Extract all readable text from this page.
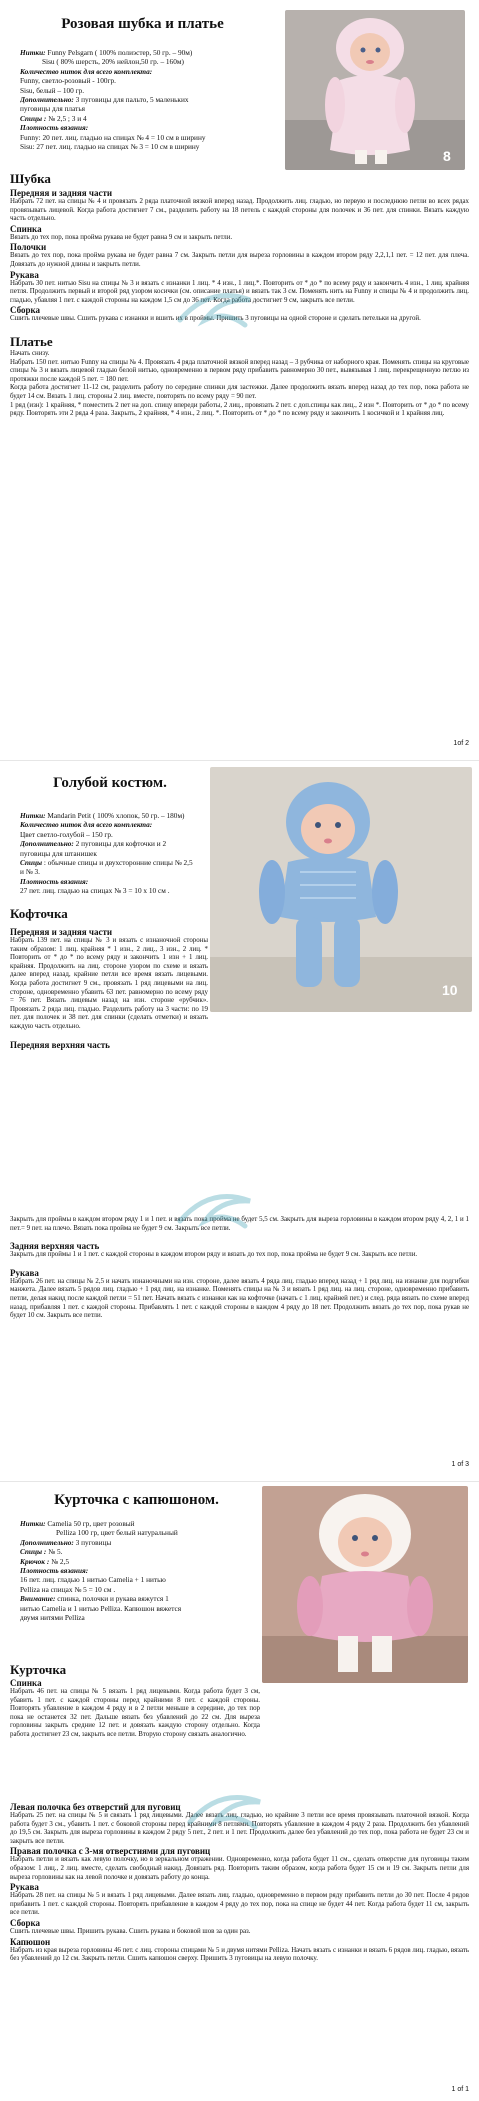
Розовая шубка и платье
Нитки: Funny Pelsgarn ( 100% полиэстер, 50 гр. – 90м)
Sisu ( 80% шерсть, 20% нейлон,50 гр. – 160м)
Количество ниток для всего комплекта:
Funny, светло-розовый - 100гр.
Sisu, белый – 100 гр.
Дополнительно: 3 пуговицы для пальто, 5 маленьких
пуговицы для платья
Спицы : № 2,5 ; 3 и 4
Плотность вязания:
Funny: 20 пет. лиц. гладью на спицах № 4 = 10 см в ширину
Sisu: 27 пет. лиц. гладью на спицах № 3 = 10 см в ширину
8
Шубка
Передняя и задняя части

Набрать 72 пет. на спицы № 4 и провязать 2 ряда платочной вязкой вперед назад. Продолжить лиц. гладью, но первую и последнюю петли во всех рядах провязывать лицевой. Когда работа достигнет 7 см., разделить работу на 18 петель с каждой стороны для полочек и 36 пет. для спинки. Вязать каждую часть отдельно.

Спинка

Вязать до тех пор, пока пройма рукава не будет равна 9 см и закрыть петли.

Полочки

Вязать до тех пор, пока пройма рукава не будет равна 7 см. Закрыть петли для выреза горловины в каждом втором ряду 2,2,1,1 пет. = 12 пет. для плеча. Довязать до нужной длины и закрыть петли.

Рукава

Набрать 30 пет. нитью Sisu на спицы № 3 и вязать с изнанки 1 лиц. * 4 изн., 1 лиц.*. Повторить от * до * по всему ряду и закончить 4 изн., 1 лиц. крайняя петля. Продолжить первый и второй ряд узором косички (см. описание платья) и вязать так 3 см. Поменять нить на Funny и спицы № 4 и продолжить лиц. гладью, убавляя 1 пет. с каждой стороны на каждом 1,5 см до 36 пет. Когда работа достигнет 9 см, закрыть все петли.

Сборка

Сшить плечевые швы. Сшить рукава с изнанки и вшить их в проймы. Пришить 3 пуговицы на одной стороне и сделать петельки на другой.

Платье

Начать снизу.

Набрать 150 пет. нитью Funny на спицы № 4. Провязать 4 ряда платочной вязкой вперед назад – 3 рубчика от наборного края. Поменять спицы на круговые спицы № 3 и вязать лицевой гладью белой нитью, одновременно в первом ряду прибавить равномерно 30 пет., вывязывая 1 лиц. перекрещенную петлю из протяжки после каждой 5 пет. = 180 пет.

Когда работа достигнет 11-12 см, разделить работу по середине спинки для застежки. Далее продолжить вязать вперед назад до тех пор, пока работа не будет 14 см. Вязать 1 лиц. стороны 2 лиц. вместе, повторять по всему ряду = 90 пет.

1 ряд (изн): 1 крайняя, * поместить 2 пет на доп. спицу впереди работы, 2 лиц., провязать 2 пет. с доп.спицы как лиц., 2 изн *. Повторить от * до * по всему ряду. Повторять эти 2 ряда 4 раза. Закрыть, 2 крайняя, * 4 изн., 2 лиц. *. Повторить от * до * по всему ряду и закончить 1 косичкой и 1 крайняя лиц.

1of 2
Голубой костюм.
Нитки: Mandarin Petit ( 100% хлопок, 50 гр. – 180м)
Количество ниток для всего комплекта:
Цвет светло-голубой – 150 гр.
Дополнительно: 2 пуговицы для кофточки и 2
пуговицы для штанишек
Спицы : обычные спицы и двухсторонние спицы № 2,5
и № 3.
Плотность вязания:
27 пет. лиц. гладью на спицах № 3 = 10 х 10 см .
10
Кофточка
Передняя и задняя части

Набрать 139 пет. на спицы № 3 и вязать с изнаночной стороны таким образом: 1 лиц. крайняя * 1 изн., 2 лиц., 3 изн., 2 лиц. * Повторить от * до * по всему ряду и закончить 1 изн + 1 лиц. крайняя. Продолжить на лиц. стороне узором по схеме и вязать далее вперед назад, крайние петли все время вязать лицевыми. Когда работа достигнет 9 см., провязать 1 ряд лицевыми на лиц. стороне, одновременно убавить 63 пет. равномерно по всему ряду = 76 пет. Вязать лицевым назад на изн. стороне «рубчик». Провязать 2 ряда лиц. гладью. Разделить работу на 3 части: по 19 пет. для полочек и 38 пет. для спинки (сделать отметки) и вязать каждую часть отдельно.

Передняя верхняя часть

Закрыть для проймы в каждом втором ряду 1 и 1 пет. и вязать пока пройма не будет 5,5 см. Закрыть для выреза горловины в каждом втором ряду 4, 2, 1 и 1 пет.= 9 пет. на плечо. Вязать пока пройма не будет 9 см. Закрыть все петли.

Задняя верхняя часть

Закрыть для проймы 1 и 1 пет. с каждой стороны в каждом втором ряду и вязать до тех пор, пока пройма не будет 9 см. Закрыть все петли.

Рукава

Набрать 26 пет. на спицы № 2,5 и начать изнаночными на изн. стороне, далее вязать 4 ряда лиц. гладью вперед назад + 1 ряд лиц. на изнанке для подгибки манжета. Далее вязать 5 рядов лиц. гладью + 1 ряд лиц. на изнанке. Поменять спицы на № 3 и вязать 1 ряд лиц. на лиц. стороне, одновременно прибавить петли, делая накид после каждой петли = 51 пет. Начать вязать с изнанки как на кофточке (начать с 1 лиц. крайней пет.) и след. ряда вязать по схеме вперед назад, прибавляя 1 пет. с каждой стороны. Прибавлять 1 пет. с каждой стороны в каждом 4 ряду до 18 пет. Продолжить вязать до тех пор, пока рукав не будет 10 см. Закрыть все петли.

1 of 3
Курточка с капюшоном.
Нитки: Camelia 50 гр, цвет розовый
Pelliza 100 гр, цвет белый натуральный
Дополнительно: 3 пуговицы
Спицы : № 5.
Крючок : № 2,5
Плотность вязания:
16 пет. лиц. гладью 1 нитью Camelia + 1 нитью
Pelliza на спицах № 5 = 10 см .
Внимание: спинка, полочки и рукава вяжутся 1
нитью Camelia и 1 нитью Pelliza. Капюшон вяжется
двумя нитями Pelliza
Курточка
Спинка

Набрать 46 пет. на спицы № 5 вязать 1 ряд лицевыми. Когда работа будет 3 см, убавить 1 пет. с каждой стороны перед крайними 8 пет. с каждой стороны. Повторять убавление в каждом 4 ряду и в 2 петли меньше в середине, до тех пор пока не останется 32 пет. Дальше вязать без убавлений до 22 см. Для выреза горловины закрыть средние 12 пет. и довязать каждую сторону отдельно. Когда работа достигнет 23 см, закрыть все петли. Вторую сторону связать аналогично.

Левая полочка без отверстий для пуговиц

Набрать 25 пет. на спицы № 5 и связать 1 ряд лицевыми. Далее вязать лиц. гладью, но крайние 3 петли все время провязывать платочной вязкой. Когда работа будет 3 см., убавить 1 пет. с боковой стороны перед крайними 8 петлями. Повторять убавление в каждом 4 ряду 2 раза. Продолжить без убавлений до 19,5 см. Закрыть для выреза горловины в каждом 2 ряду 5 пет., 2 пет. и 1 пет. Продолжить далее без убавлений до тех пор, пока работа не будет 23 см и закрыть все петли.

Правая полочка с 3-мя отверстиями для пуговиц

Набрать петли и вязать как левую полочку, но в зеркальном отражении. Одновременно, когда работа будет 11 см., сделать отверстие для пуговицы таким образом: 1 лиц., 2 лиц. вместе, сделать свободный накид. Довязать ряд. Повторить таким образом, когда работа будет 15 см и 19 см. Закрыть петли для выреза горловины как на левой полочке и довязать работу до конца.

Рукава

Набрать 28 пет. на спицы № 5 и вязать 1 ряд лицевыми. Далее вязать лиц. гладью, одновременно в первом ряду прибавить петли до 30 пет. После 4 рядов прибавить 1 пет. с каждой стороны. Повторять прибавление в каждом 4 ряду до тех пор, пока на спице не будет 44 пет. Когда работа будет 11 см, закрыть все петли.

Сборка

Сшить плечевые швы. Пришить рукава. Сшить рукава и боковой шов за один раз.

Капюшон

Набрать из края выреза горловины 46 пет. с лиц. стороны спицами № 5 и двумя нитями Pelliza. Начать вязать с изнанки и вязать 6 рядов лиц. гладью, вязать без убавлений до 12 см. Закрыть петли. Сшить капюшон сверху. Пришить 3 пуговицы на левую полочку.

1 of 1
